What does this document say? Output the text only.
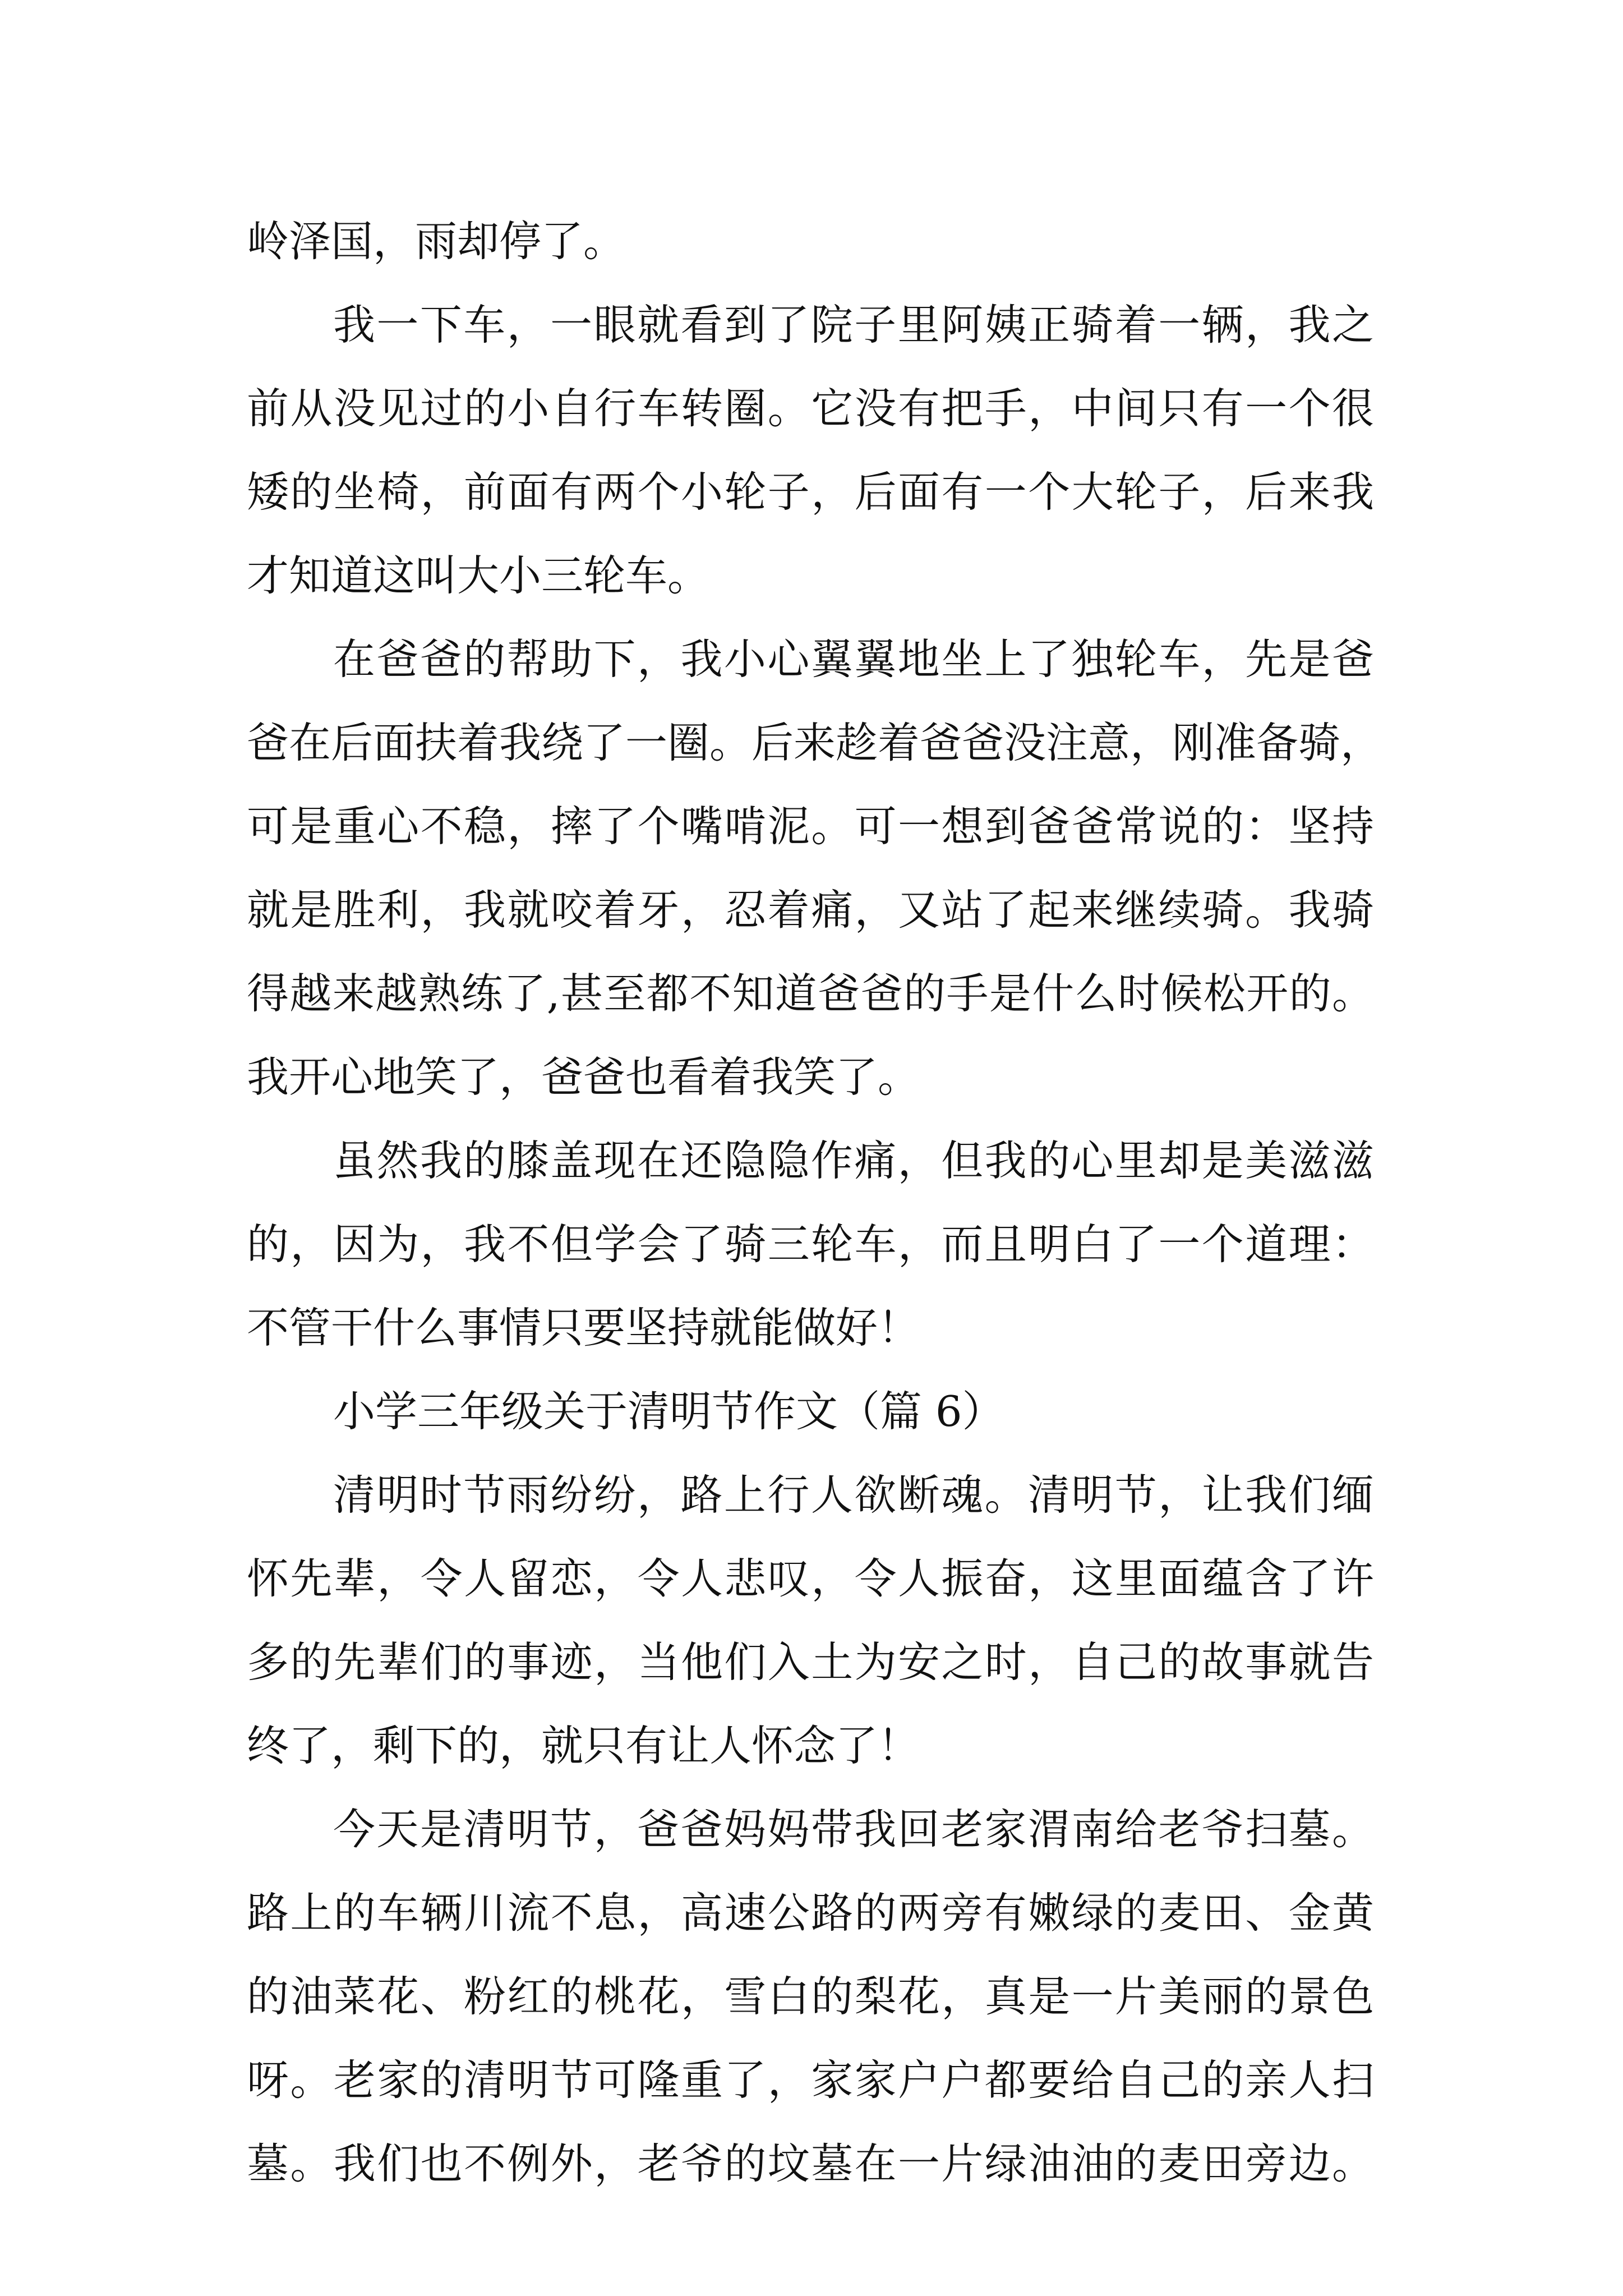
岭泽国，雨却停了。
我一下车，一眼就看到了院子里阿姨正骑着一辆，我之
前从没见过的小自行车转圈。它没有把手，中间只有一个很
矮的坐椅，前面有两个小轮子，后面有一个大轮子，后来我
才知道这叫大小三轮车。
在爸爸的帮助下，我小心翼翼地坐上了独轮车，先是爸
爸在后面扶着我绕了一圈。后来趁着爸爸没注意，刚准备骑，
可是重心不稳，摔了个嘴啃泥。可一想到爸爸常说的：坚持
就是胜利，我就咬着牙，忍着痛，又站了起来继续骑。我骑
得越来越熟练了,甚至都不知道爸爸的手是什么时候松开的。
我开心地笑了，爸爸也看着我笑了。
虽然我的膝盖现在还隐隐作痛，但我的心里却是美滋滋
的，因为，我不但学会了骑三轮车，而且明白了一个道理：
不管干什么事情只要坚持就能做好！
小学三年级关于清明节作文（篇 6）
清明时节雨纷纷，路上行人欲断魂。清明节，让我们缅
怀先辈，令人留恋，令人悲叹，令人振奋，这里面蕴含了许
多的先辈们的事迹，当他们入土为安之时，自己的故事就告
终了，剩下的，就只有让人怀念了！
今天是清明节，爸爸妈妈带我回老家渭南给老爷扫墓。
路上的车辆川流不息，高速公路的两旁有嫩绿的麦田、金黄
的油菜花、粉红的桃花，雪白的梨花，真是一片美丽的景色
呀。老家的清明节可隆重了，家家户户都要给自己的亲人扫
墓。我们也不例外，老爷的坟墓在一片绿油油的麦田旁边。
